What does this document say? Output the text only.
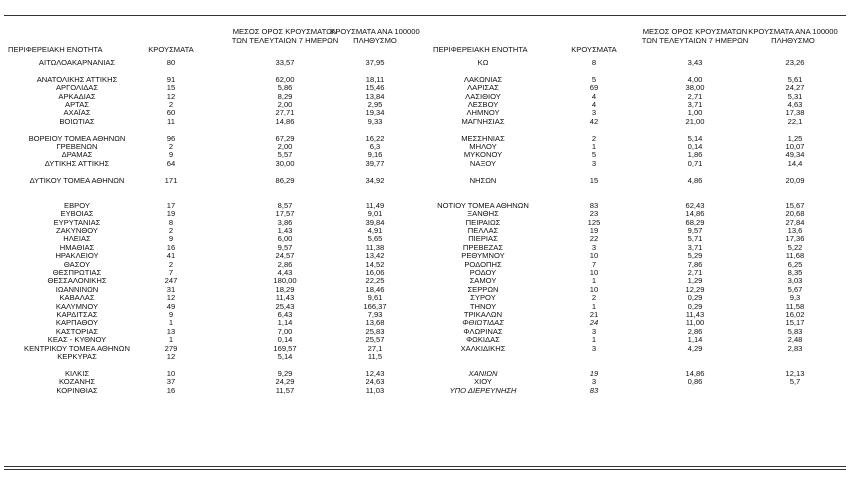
ΠΕΡΙΦΕΡΕΙΑΚΗ ΕΝΟΤΗΤΑ	ΚΡΟΥΣΜΑΤΑ
ΜΕΣΟΣ ΟΡΟΣ ΚΡΟΥΣΜΑΤΩΝ
ΤΩΝ ΤΕΛΕΥΤΑΙΩΝ 7 ΗΜΕΡΩΝ
ΚΡΟΥΣΜΑΤΑ ΑΝΑ 100000
ΠΛΗΘΥΣΜΟ
ΠΕΡΙΦΕΡΕΙΑΚΗ ΕΝΟΤΗΤΑ	ΚΡΟΥΣΜΑΤΑ
ΜΕΣΟΣ ΟΡΟΣ ΚΡΟΥΣΜΑΤΩΝ
ΤΩΝ ΤΕΛΕΥΤΑΙΩΝ 7 ΗΜΕΡΩΝ
ΚΡΟΥΣΜΑΤΑ ΑΝΑ 100000
ΠΛΗΘΥΣΜΟ
ΑΙΤΩΛΟΑΚΑΡΝΑΝΙΑΣ	80	33,57	37,95
ΑΝΑΤΟΛΙΚΗΣ ΑΤΤΙΚΗΣ	91	62,00	18,11
ΑΡΓΟΛΙΔΑΣ	15	5,86	15,46
ΑΡΚΑΔΙΑΣ	12	8,29	13,84
ΑΡΤΑΣ	2	2,00	2,95
ΑΧΑΪΑΣ	60	27,71	19,34
ΒΟΙΩΤΙΑΣ	11	14,86	9,33
ΒΟΡΕΙΟΥ ΤΟΜΕΑ ΑΘΗΝΩΝ	96	67,29	16,22
ΓΡΕΒΕΝΩΝ	2	2,00	6,3
ΔΡΑΜΑΣ	9	5,57	9,16
ΔΥΤΙΚΗΣ ΑΤΤΙΚΗΣ	64	30,00	39,77
ΔΥΤΙΚΟΥ ΤΟΜΕΑ ΑΘΗΝΩΝ	171	86,29	34,92
ΕΒΡΟΥ	17	8,57	11,49
ΕΥΒΟΙΑΣ	19	17,57	9,01
ΕΥΡΥΤΑΝΙΑΣ	8	3,86	39,84
ΖΑΚΥΝΘΟΥ	2	1,43	4,91
ΗΛΕΙΑΣ	9	6,00	5,65
ΗΜΑΘΙΑΣ	16	9,57	11,38
ΗΡΑΚΛΕΙΟΥ	41	24,57	13,42
ΘΑΣΟΥ	2	2,86	14,52
ΘΕΣΠΡΩΤΙΑΣ	7	4,43	16,06
ΘΕΣΣΑΛΟΝΙΚΗΣ	247	180,00	22,25
ΙΩΑΝΝΙΝΩΝ	31	18,29	18,46
ΚΑΒΑΛΑΣ	12	11,43	9,61
ΚΑΛΥΜΝΟΥ	49	25,43	166,37
ΚΑΡΔΙΤΣΑΣ	9	6,43	7,93
ΚΑΡΠΑΘΟΥ	1	1,14	13,68
ΚΑΣΤΟΡΙΑΣ	13	7,00	25,83
ΚΕΑΣ - ΚΥΘΝΟΥ	1	0,14	25,57
ΚΕΝΤΡΙΚΟΥ ΤΟΜΕΑ ΑΘΗΝΩΝ	279	169,57	27,1
ΚΕΡΚΥΡΑΣ	12	5,14	11,5
ΚΙΛΚΙΣ	10	9,29	12,43
ΚΟΖΑΝΗΣ	37	24,29	24,63
ΚΟΡΙΝΘΙΑΣ	16	11,57	11,03
ΚΩ	8	3,43	23,26
ΛΑΚΩΝΙΑΣ	5	4,00	5,61
ΛΑΡΙΣΑΣ	69	38,00	24,27
ΛΑΣΙΘΙΟΥ	4	2,71	5,31
ΛΕΣΒΟΥ	4	3,71	4,63
ΛΗΜΝΟΥ	3	1,00	17,38
ΜΑΓΝΗΣΙΑΣ	42	21,00	22,1
ΜΕΣΣΗΝΙΑΣ	2	5,14	1,25
ΜΗΛΟΥ	1	0,14	10,07
ΜΥΚΟΝΟΥ	5	1,86	49,34
ΝΑΞΟΥ	3	0,71	14,4
ΝΗΣΩΝ	15	4,86	20,09
ΝΟΤΙΟΥ ΤΟΜΕΑ ΑΘΗΝΩΝ	83	62,43	15,67
ΞΑΝΘΗΣ	23	14,86	20,68
ΠΕΙΡΑΙΩΣ	125	68,29	27,84
ΠΕΛΛΑΣ	19	9,57	13,6
ΠΙΕΡΙΑΣ	22	5,71	17,36
ΠΡΕΒΕΖΑΣ	3	3,71	5,22
ΡΕΘΥΜΝΟΥ	10	5,29	11,68
ΡΟΔΟΠΗΣ	7	7,86	6,25
ΡΟΔΟΥ	10	2,71	8,35
ΣΑΜΟΥ	1	1,29	3,03
ΣΕΡΡΩΝ	10	12,29	5,67
ΣΥΡΟΥ	2	0,29	9,3
ΤΗΝΟΥ	1	0,29	11,58
ΤΡΙΚΑΛΩΝ	21	11,43	16,02
ΦΘΙΩΤΙΔΑΣ	24	11,00	15,17
ΦΛΩΡΙΝΑΣ	3	2,86	5,83
ΦΩΚΙΔΑΣ	1	1,14	2,48
ΧΑΛΚΙΔΙΚΗΣ	3	4,29	2,83
ΧΑΝΙΩΝ	19	14,86	12,13
ΧΙΟΥ	3	0,86	5,7
ΥΠΟ ΔΙΕΡΕΥΝΗΣΗ	83
